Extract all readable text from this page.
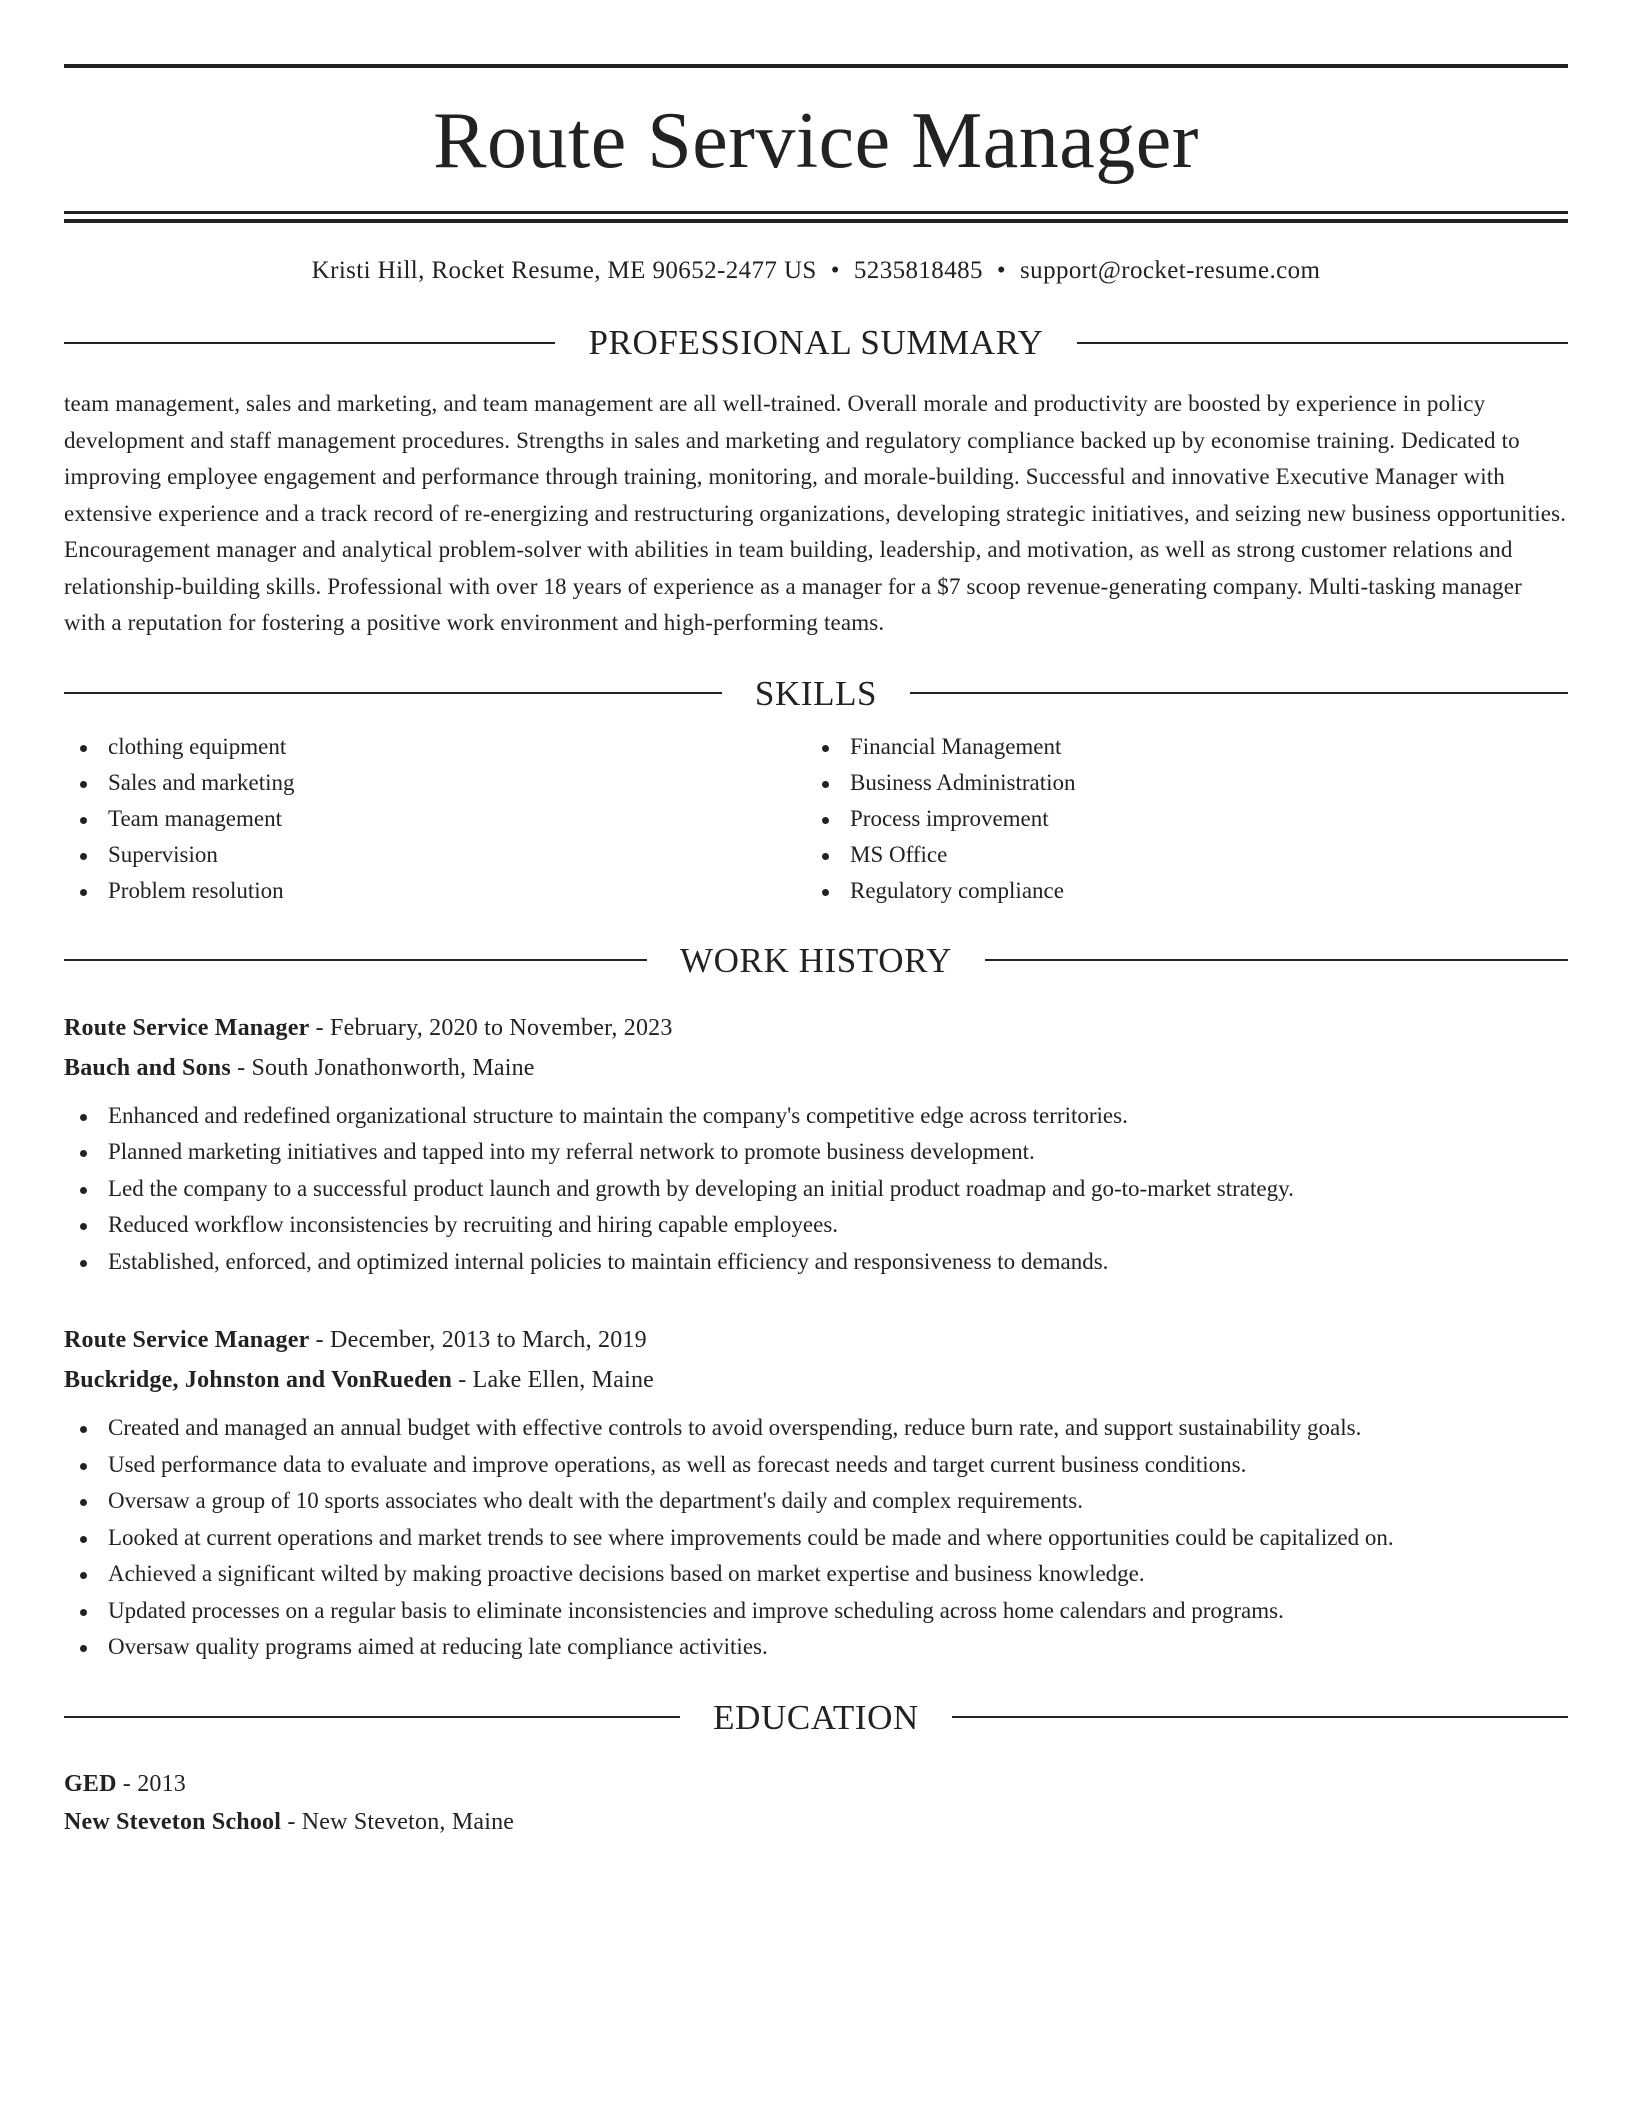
Route Service Manager
Kristi Hill, Rocket Resume, ME 90652-2477 US • 5235818485 • support@rocket-resume.com
PROFESSIONAL SUMMARY

team management, sales and marketing, and team management are all well-trained. Overall morale and productivity are boosted by experience in policy development and staff management procedures. Strengths in sales and marketing and regulatory compliance backed up by economise training. Dedicated to improving employee engagement and performance through training, monitoring, and morale-building. Successful and innovative Executive Manager with extensive experience and a track record of re-energizing and restructuring organizations, developing strategic initiatives, and seizing new business opportunities. Encouragement manager and analytical problem-solver with abilities in team building, leadership, and motivation, as well as strong customer relations and relationship-building skills. Professional with over 18 years of experience as a manager for a $7 scoop revenue-generating company. Multi-tasking manager with a reputation for fostering a positive work environment and high-performing teams.

SKILLS
clothing equipment
Sales and marketing
Team management
Supervision
Problem resolution
Financial Management
Business Administration
Process improvement
MS Office
Regulatory compliance
WORK HISTORY
Route Service Manager - February, 2020 to November, 2023
Bauch and Sons - South Jonathonworth, Maine
Enhanced and redefined organizational structure to maintain the company's competitive edge across territories.
Planned marketing initiatives and tapped into my referral network to promote business development.
Led the company to a successful product launch and growth by developing an initial product roadmap and go-to-market strategy.
Reduced workflow inconsistencies by recruiting and hiring capable employees.
Established, enforced, and optimized internal policies to maintain efficiency and responsiveness to demands.
Route Service Manager - December, 2013 to March, 2019
Buckridge, Johnston and VonRueden - Lake Ellen, Maine
Created and managed an annual budget with effective controls to avoid overspending, reduce burn rate, and support sustainability goals.
Used performance data to evaluate and improve operations, as well as forecast needs and target current business conditions.
Oversaw a group of 10 sports associates who dealt with the department's daily and complex requirements.
Looked at current operations and market trends to see where improvements could be made and where opportunities could be capitalized on.
Achieved a significant wilted by making proactive decisions based on market expertise and business knowledge.
Updated processes on a regular basis to eliminate inconsistencies and improve scheduling across home calendars and programs.
Oversaw quality programs aimed at reducing late compliance activities.
EDUCATION
GED - 2013
New Steveton School - New Steveton, Maine
